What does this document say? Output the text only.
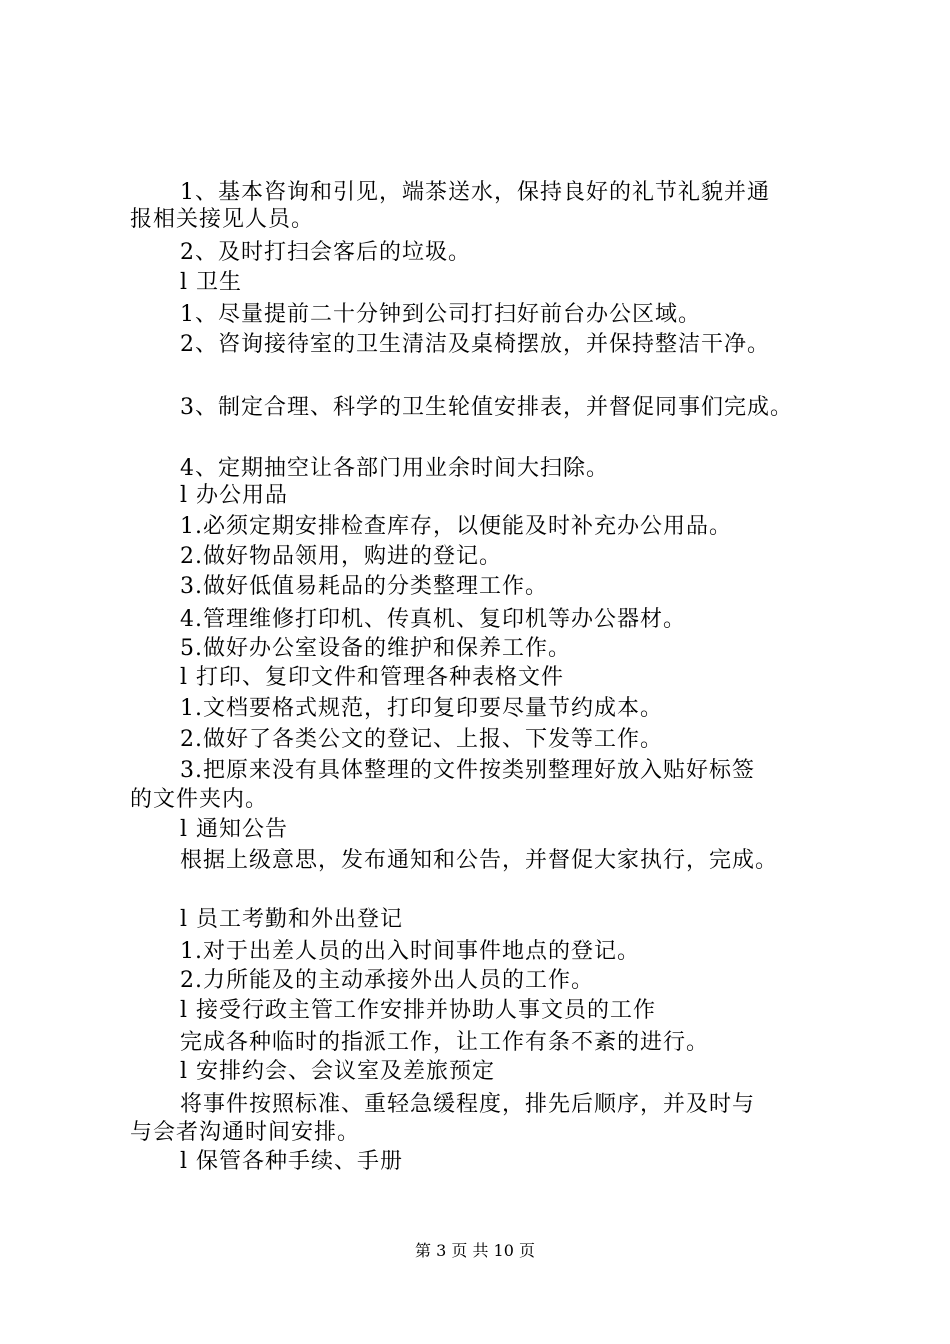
1、基本咨询和引见，端茶送水，保持良好的礼节礼貌并通
报相关接见人员。
2、及时打扫会客后的垃圾。
l 卫生
1、尽量提前二十分钟到公司打扫好前台办公区域。
2、咨询接待室的卫生清洁及桌椅摆放，并保持整洁干净。
3、制定合理、科学的卫生轮值安排表，并督促同事们完成。
4、定期抽空让各部门用业余时间大扫除。
l 办公用品
1.必须定期安排检查库存，以便能及时补充办公用品。
2.做好物品领用，购进的登记。
3.做好低值易耗品的分类整理工作。
4.管理维修打印机、传真机、复印机等办公器材。
5.做好办公室设备的维护和保养工作。
l 打印、复印文件和管理各种表格文件
1.文档要格式规范，打印复印要尽量节约成本。
2.做好了各类公文的登记、上报、下发等工作。
3.把原来没有具体整理的文件按类别整理好放入贴好标签
的文件夹内。
l 通知公告
根据上级意思，发布通知和公告，并督促大家执行，完成。
l 员工考勤和外出登记
1.对于出差人员的出入时间事件地点的登记。
2.力所能及的主动承接外出人员的工作。
l 接受行政主管工作安排并协助人事文员的工作
完成各种临时的指派工作，让工作有条不紊的进行。
l 安排约会、会议室及差旅预定
将事件按照标准、重轻急缓程度，排先后顺序，并及时与
与会者沟通时间安排。
l 保管各种手续、手册
第 3 页 共 10 页
